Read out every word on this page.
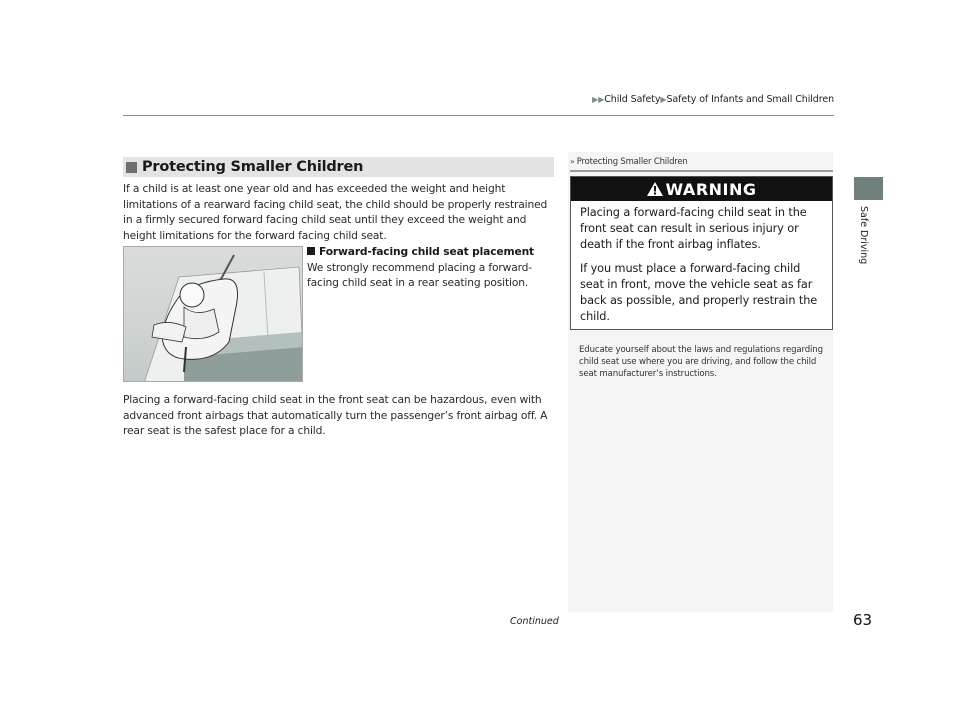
▶▶Child Safety▶Safety of Infants and Small Children
Safe Driving
Protecting Smaller Children
If a child is at least one year old and has exceeded the weight and height limitations of a rearward facing child seat, the child should be properly restrained in a firmly secured forward facing child seat until they exceed the weight and height limitations for the forward facing child seat.
Forward-facing child seat placement
We strongly recommend placing a forward-facing child seat in a rear seating position.
Placing a forward-facing child seat in the front seat can be hazardous, even with advanced front airbags that automatically turn the passenger’s front airbag off. A rear seat is the safest place for a child.
» Protecting Smaller Children
WARNING

Placing a forward-facing child seat in the front seat can result in serious injury or death if the front airbag inflates.

If you must place a forward-facing child seat in front, move the vehicle seat as far back as possible, and properly restrain the child.

Educate yourself about the laws and regulations regarding child seat use where you are driving, and follow the child seat manufacturer’s instructions.
Continued	63
